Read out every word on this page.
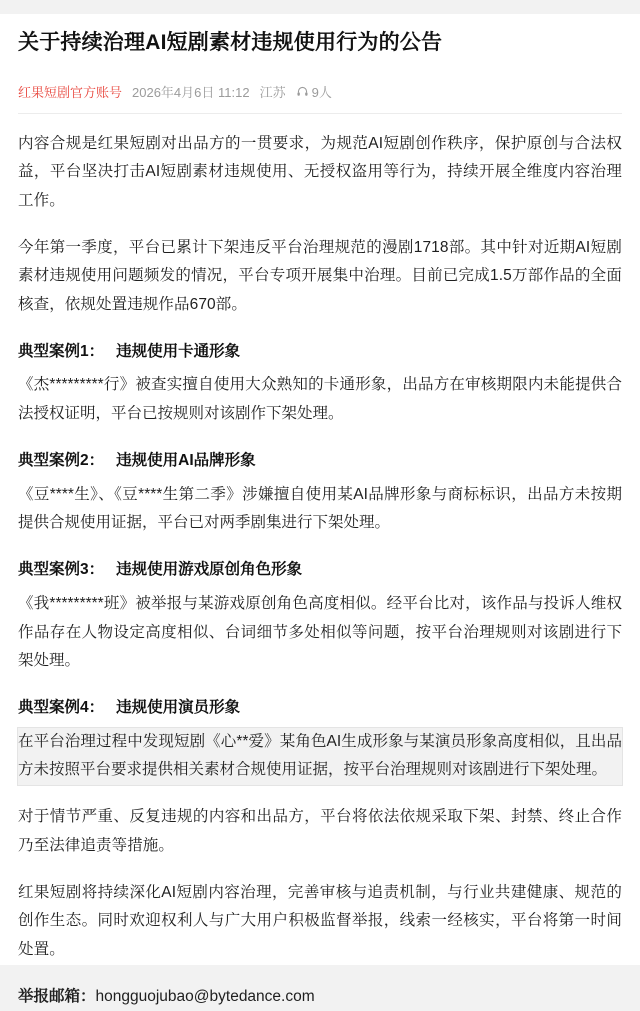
关于持续治理AI短剧素材违规使用行为的公告
红果短剧官方账号 2026年4月6日 11:12 江苏 9人

内容合规是红果短剧对出品方的一贯要求，为规范AI短剧创作秩序，保护原创与合法权益，平台坚决打击AI短剧素材违规使用、无授权盗用等行为，持续开展全维度内容治理工作。

今年第一季度，平台已累计下架违反平台治理规范的漫剧1718部。其中针对近期AI短剧素材违规使用问题频发的情况，平台专项开展集中治理。目前已完成1.5万部作品的全面核查，依规处置违规作品670部。

典型案例1： 违规使用卡通形象

《杰*********行》被查实擅自使用大众熟知的卡通形象，出品方在审核期限内未能提供合法授权证明，平台已按规则对该剧作下架处理。

典型案例2： 违规使用AI品牌形象

《豆****生》、《豆****生第二季》涉嫌擅自使用某AI品牌形象与商标标识，出品方未按期提供合规使用证据，平台已对两季剧集进行下架处理。

典型案例3： 违规使用游戏原创角色形象

《我*********班》被举报与某游戏原创角色高度相似。经平台比对，该作品与投诉人维权作品存在人物设定高度相似、台词细节多处相似等问题，按平台治理规则对该剧进行下架处理。

典型案例4： 违规使用演员形象

在平台治理过程中发现短剧《心**爱》某角色AI生成形象与某演员形象高度相似，且出品方未按照平台要求提供相关素材合规使用证据，按平台治理规则对该剧进行下架处理。

对于情节严重、反复违规的内容和出品方，平台将依法依规采取下架、封禁、终止合作乃至法律追责等措施。

红果短剧将持续深化AI短剧内容治理，完善审核与追责机制，与行业共建健康、规范的创作生态。同时欢迎权利人与广大用户积极监督举报，线索一经核实，平台将第一时间处置。

举报邮箱：hongguojubao@bytedance.com
